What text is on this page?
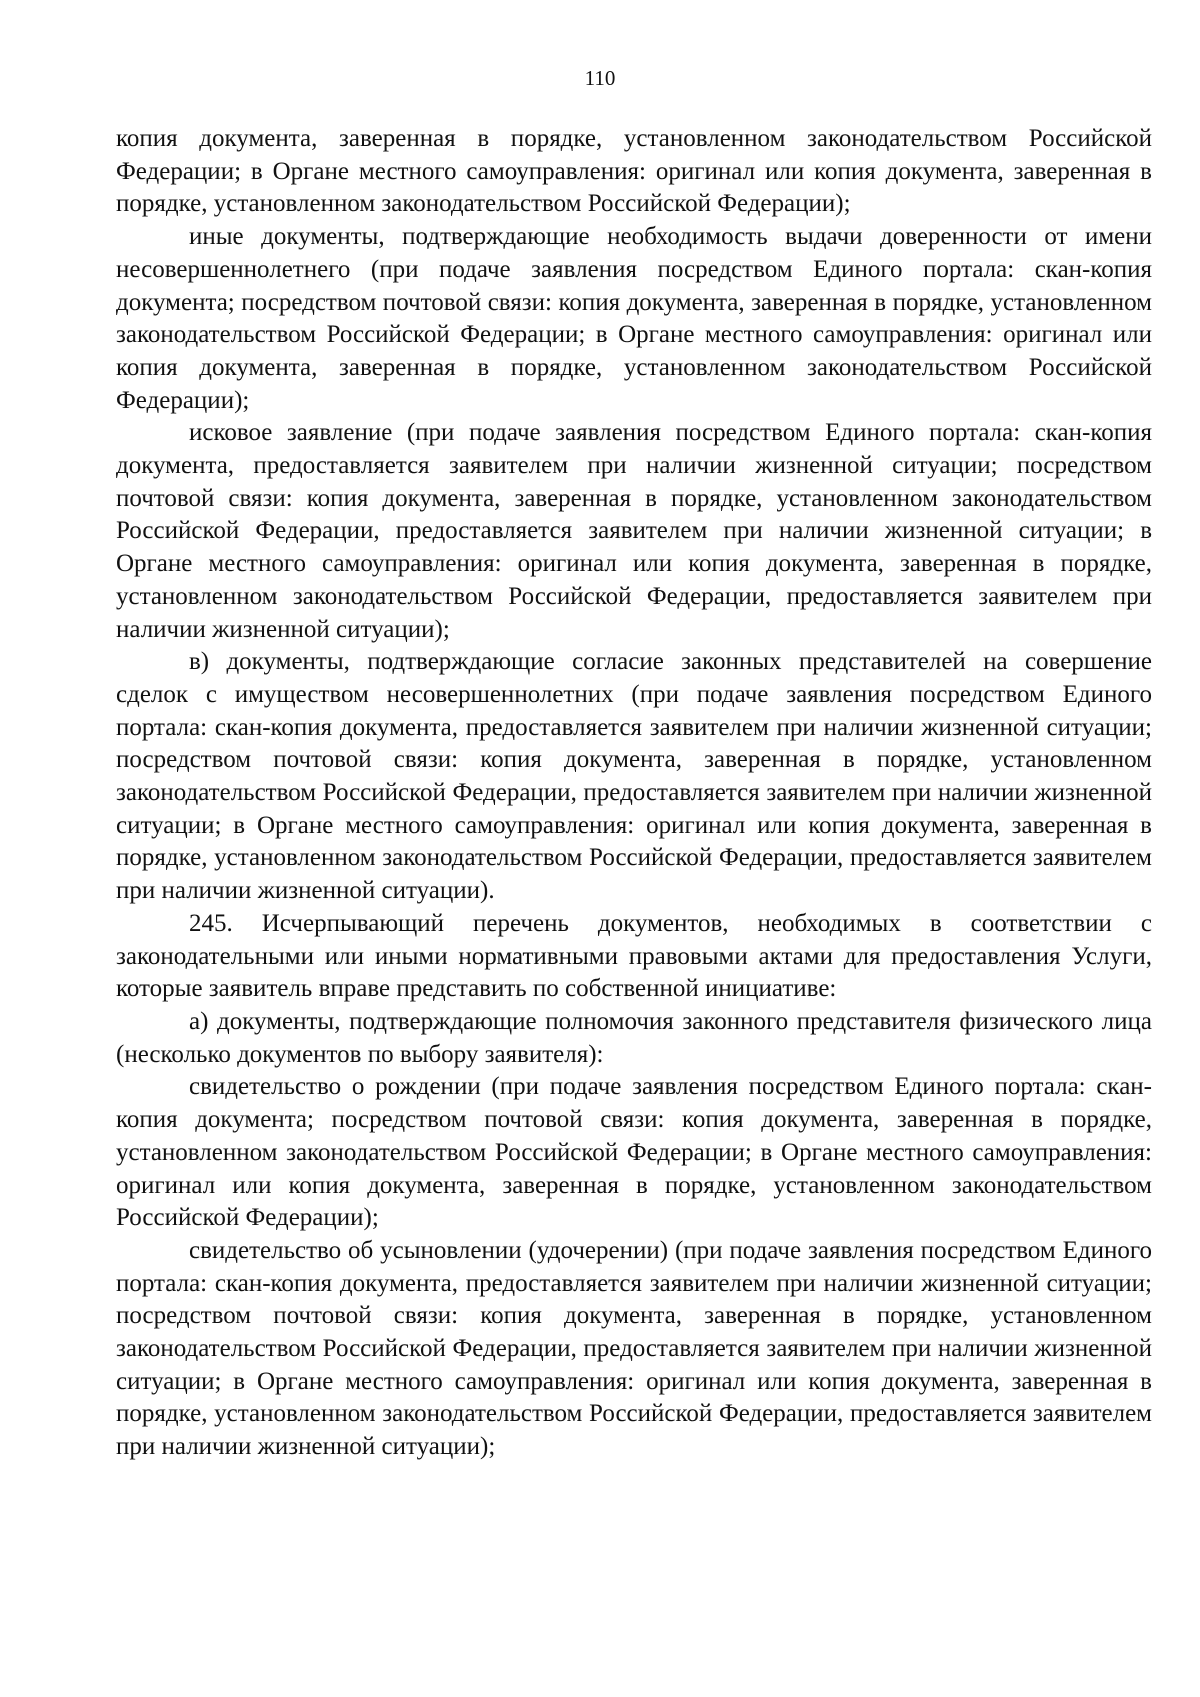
110

копия документа, заверенная в порядке, установленном законодательством Российской Федерации; в Органе местного самоуправления: оригинал или копия документа, заверенная в порядке, установленном законодательством Российской Федерации);

иные документы, подтверждающие необходимость выдачи доверенности от имени несовершеннолетнего (при подаче заявления посредством Единого портала: скан-копия документа; посредством почтовой связи: копия документа, заверенная в порядке, установленном законодательством Российской Федерации; в Органе местного самоуправления: оригинал или копия документа, заверенная в порядке, установленном законодательством Российской Федерации);

исковое заявление (при подаче заявления посредством Единого портала: скан-копия документа, предоставляется заявителем при наличии жизненной ситуации; посредством почтовой связи: копия документа, заверенная в порядке, установленном законодательством Российской Федерации, предоставляется заявителем при наличии жизненной ситуации; в Органе местного самоуправления: оригинал или копия документа, заверенная в порядке, установленном законодательством Российской Федерации, предоставляется заявителем при наличии жизненной ситуации);

в) документы, подтверждающие согласие законных представителей на совершение сделок с имуществом несовершеннолетних (при подаче заявления посредством Единого портала: скан-копия документа, предоставляется заявителем при наличии жизненной ситуации; посредством почтовой связи: копия документа, заверенная в порядке, установленном законодательством Российской Федерации, предоставляется заявителем при наличии жизненной ситуации; в Органе местного самоуправления: оригинал или копия документа, заверенная в порядке, установленном законодательством Российской Федерации, предоставляется заявителем при наличии жизненной ситуации).

245. Исчерпывающий перечень документов, необходимых в соответствии с законодательными или иными нормативными правовыми актами для предоставления Услуги, которые заявитель вправе представить по собственной инициативе:

а) документы, подтверждающие полномочия законного представителя физического лица (несколько документов по выбору заявителя):

свидетельство о рождении (при подаче заявления посредством Единого портала: скан-копия документа; посредством почтовой связи: копия документа, заверенная в порядке, установленном законодательством Российской Федерации; в Органе местного самоуправления: оригинал или копия документа, заверенная в порядке, установленном законодательством Российской Федерации);

свидетельство об усыновлении (удочерении) (при подаче заявления посредством Единого портала: скан-копия документа, предоставляется заявителем при наличии жизненной ситуации; посредством почтовой связи: копия документа, заверенная в порядке, установленном законодательством Российской Федерации, предоставляется заявителем при наличии жизненной ситуации; в Органе местного самоуправления: оригинал или копия документа, заверенная в порядке, установленном законодательством Российской Федерации, предоставляется заявителем при наличии жизненной ситуации);
